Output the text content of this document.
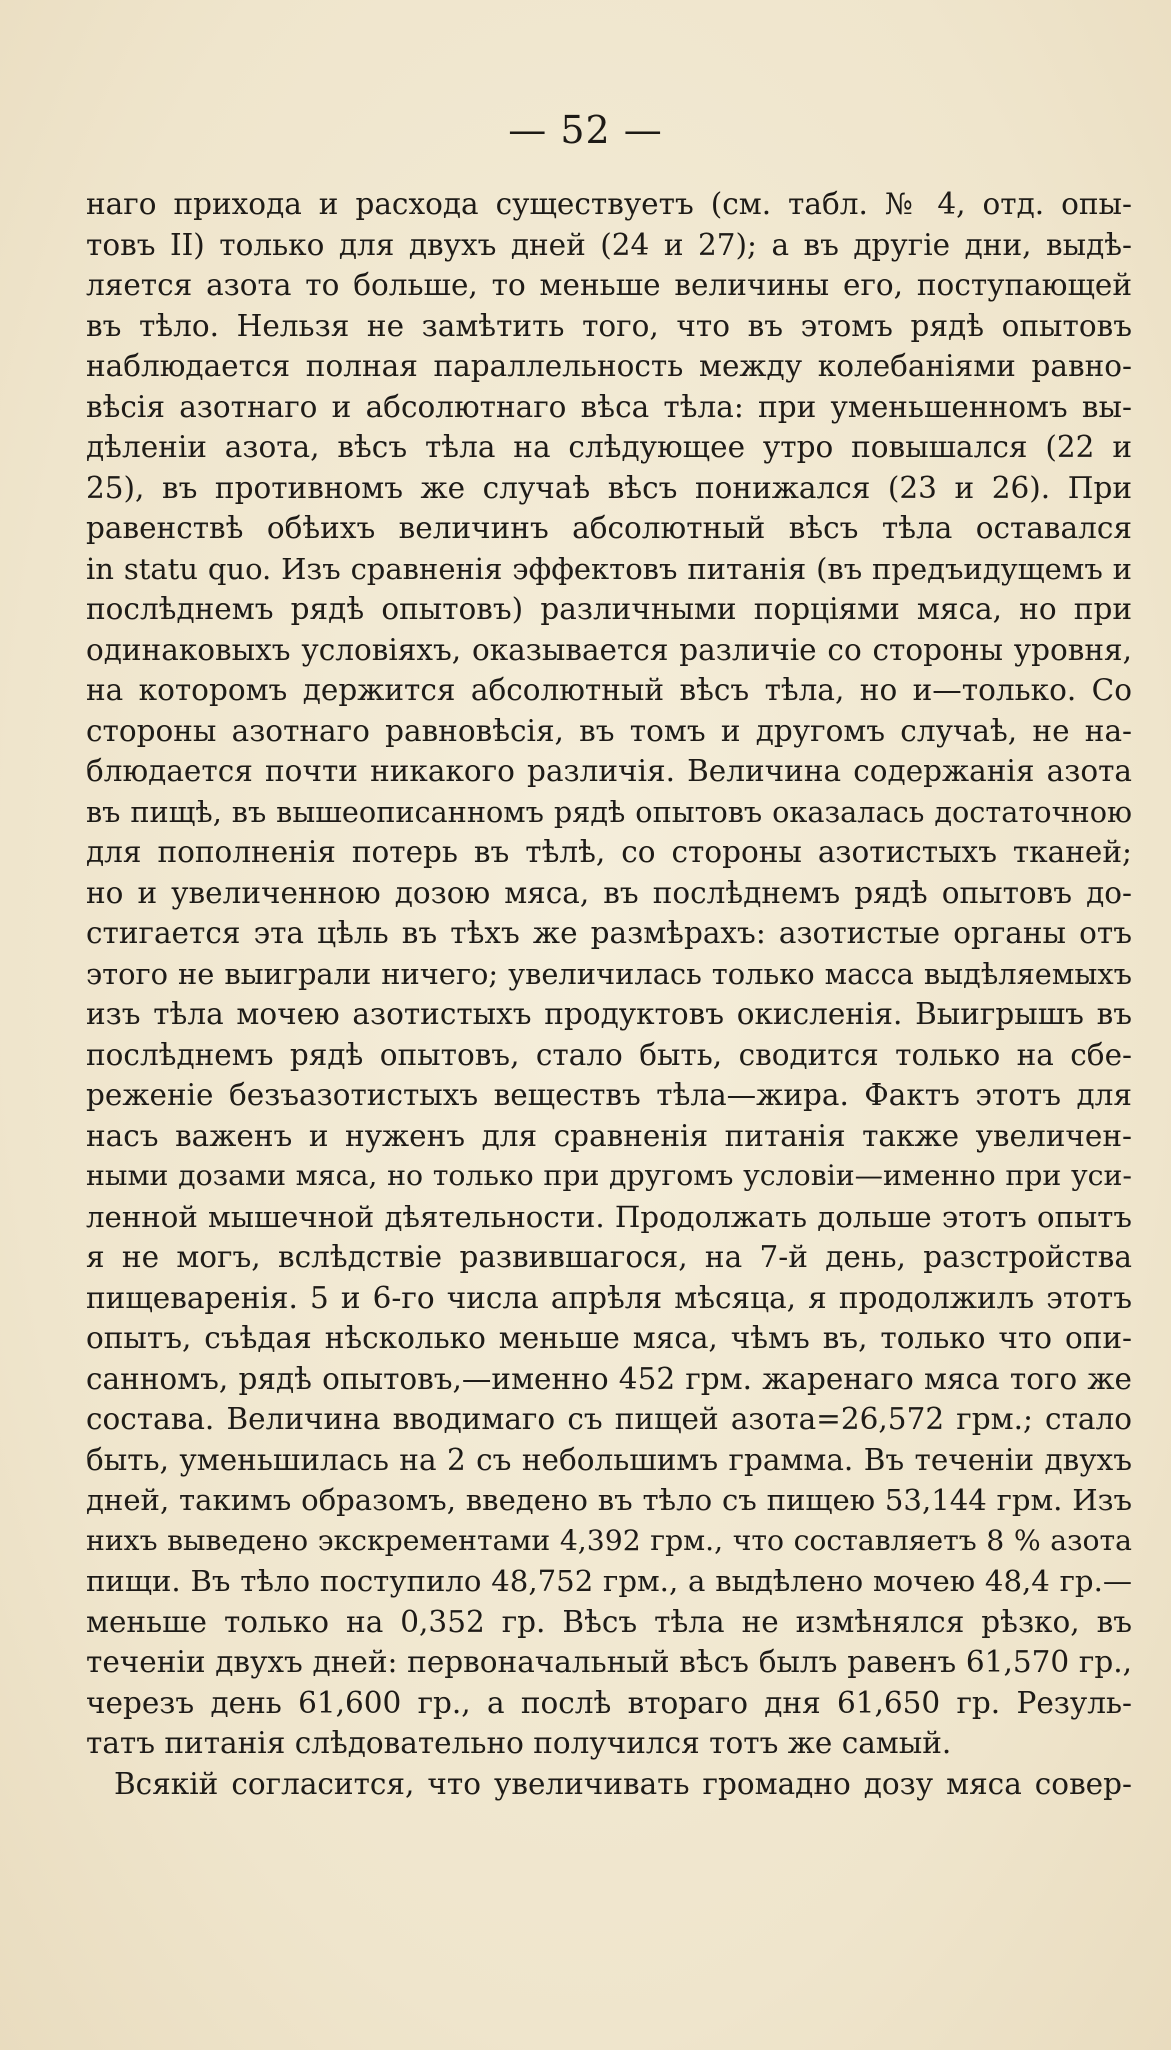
— 52 —
наго прихода и расхода существуетъ (см. табл. № 4, отд. опы-
товъ II) только для двухъ дней (24 и 27); а въ другіе дни, выдѣ-
ляется азота то больше, то меньше величины его, поступающей
въ тѣло. Нельзя не замѣтить того, что въ этомъ рядѣ опытовъ
наблюдается полная параллельность между колебаніями равно-
вѣсія азотнаго и абсолютнаго вѣса тѣла: при уменьшенномъ вы-
дѣленіи азота, вѣсъ тѣла на слѣдующее утро повышался (22 и
25), въ противномъ же случаѣ вѣсъ понижался (23 и 26). При
равенствѣ обѣихъ величинъ абсолютный вѣсъ тѣла оставался
in statu quo. Изъ сравненія эффектовъ питанія (въ предъидущемъ и
послѣднемъ рядѣ опытовъ) различными порціями мяса, но при
одинаковыхъ условіяхъ, оказывается различіе со стороны уровня,
на которомъ держится абсолютный вѣсъ тѣла, но и—только. Со
стороны азотнаго равновѣсія, въ томъ и другомъ случаѣ, не на-
блюдается почти никакого различія. Величина содержанія азота
въ пищѣ, въ вышеописанномъ рядѣ опытовъ оказалась достаточною
для пополненія потерь въ тѣлѣ, со стороны азотистыхъ тканей;
но и увеличенною дозою мяса, въ послѣднемъ рядѣ опытовъ до-
стигается эта цѣль въ тѣхъ же размѣрахъ: азотистые органы отъ
этого не выиграли ничего; увеличилась только масса выдѣляемыхъ
изъ тѣла мочею азотистыхъ продуктовъ окисленія. Выигрышъ въ
послѣднемъ рядѣ опытовъ, стало быть, сводится только на сбе-
реженіе безъазотистыхъ веществъ тѣла—жира. Фактъ этотъ для
насъ важенъ и нуженъ для сравненія питанія также увеличен-
ными дозами мяса, но только при другомъ условіи—именно при уси-
ленной мышечной дѣятельности. Продолжать дольше этотъ опытъ
я не могъ, вслѣдствіе развившагося, на 7-й день, разстройства
пищеваренія. 5 и 6-го числа апрѣля мѣсяца, я продолжилъ этотъ
опытъ, съѣдая нѣсколько меньше мяса, чѣмъ въ, только что опи-
санномъ, рядѣ опытовъ,—именно 452 грм. жаренаго мяса того же
состава. Величина вводимаго съ пищей азота=26,572 грм.; стало
быть, уменьшилась на 2 съ небольшимъ грамма. Въ теченіи двухъ
дней, такимъ образомъ, введено въ тѣло съ пищею 53,144 грм. Изъ
нихъ выведено экскрементами 4,392 грм., что составляетъ 8 % азота
пищи. Въ тѣло поступило 48,752 грм., а выдѣлено мочею 48,4 гр.—
меньше только на 0,352 гр. Вѣсъ тѣла не измѣнялся рѣзко, въ
теченіи двухъ дней: первоначальный вѣсъ былъ равенъ 61,570 гр.,
черезъ день 61,600 гр., а послѣ втораго дня 61,650 гр. Резуль-
татъ питанія слѣдовательно получился тотъ же самый.
Всякій согласится, что увеличивать громадно дозу мяса совер-
